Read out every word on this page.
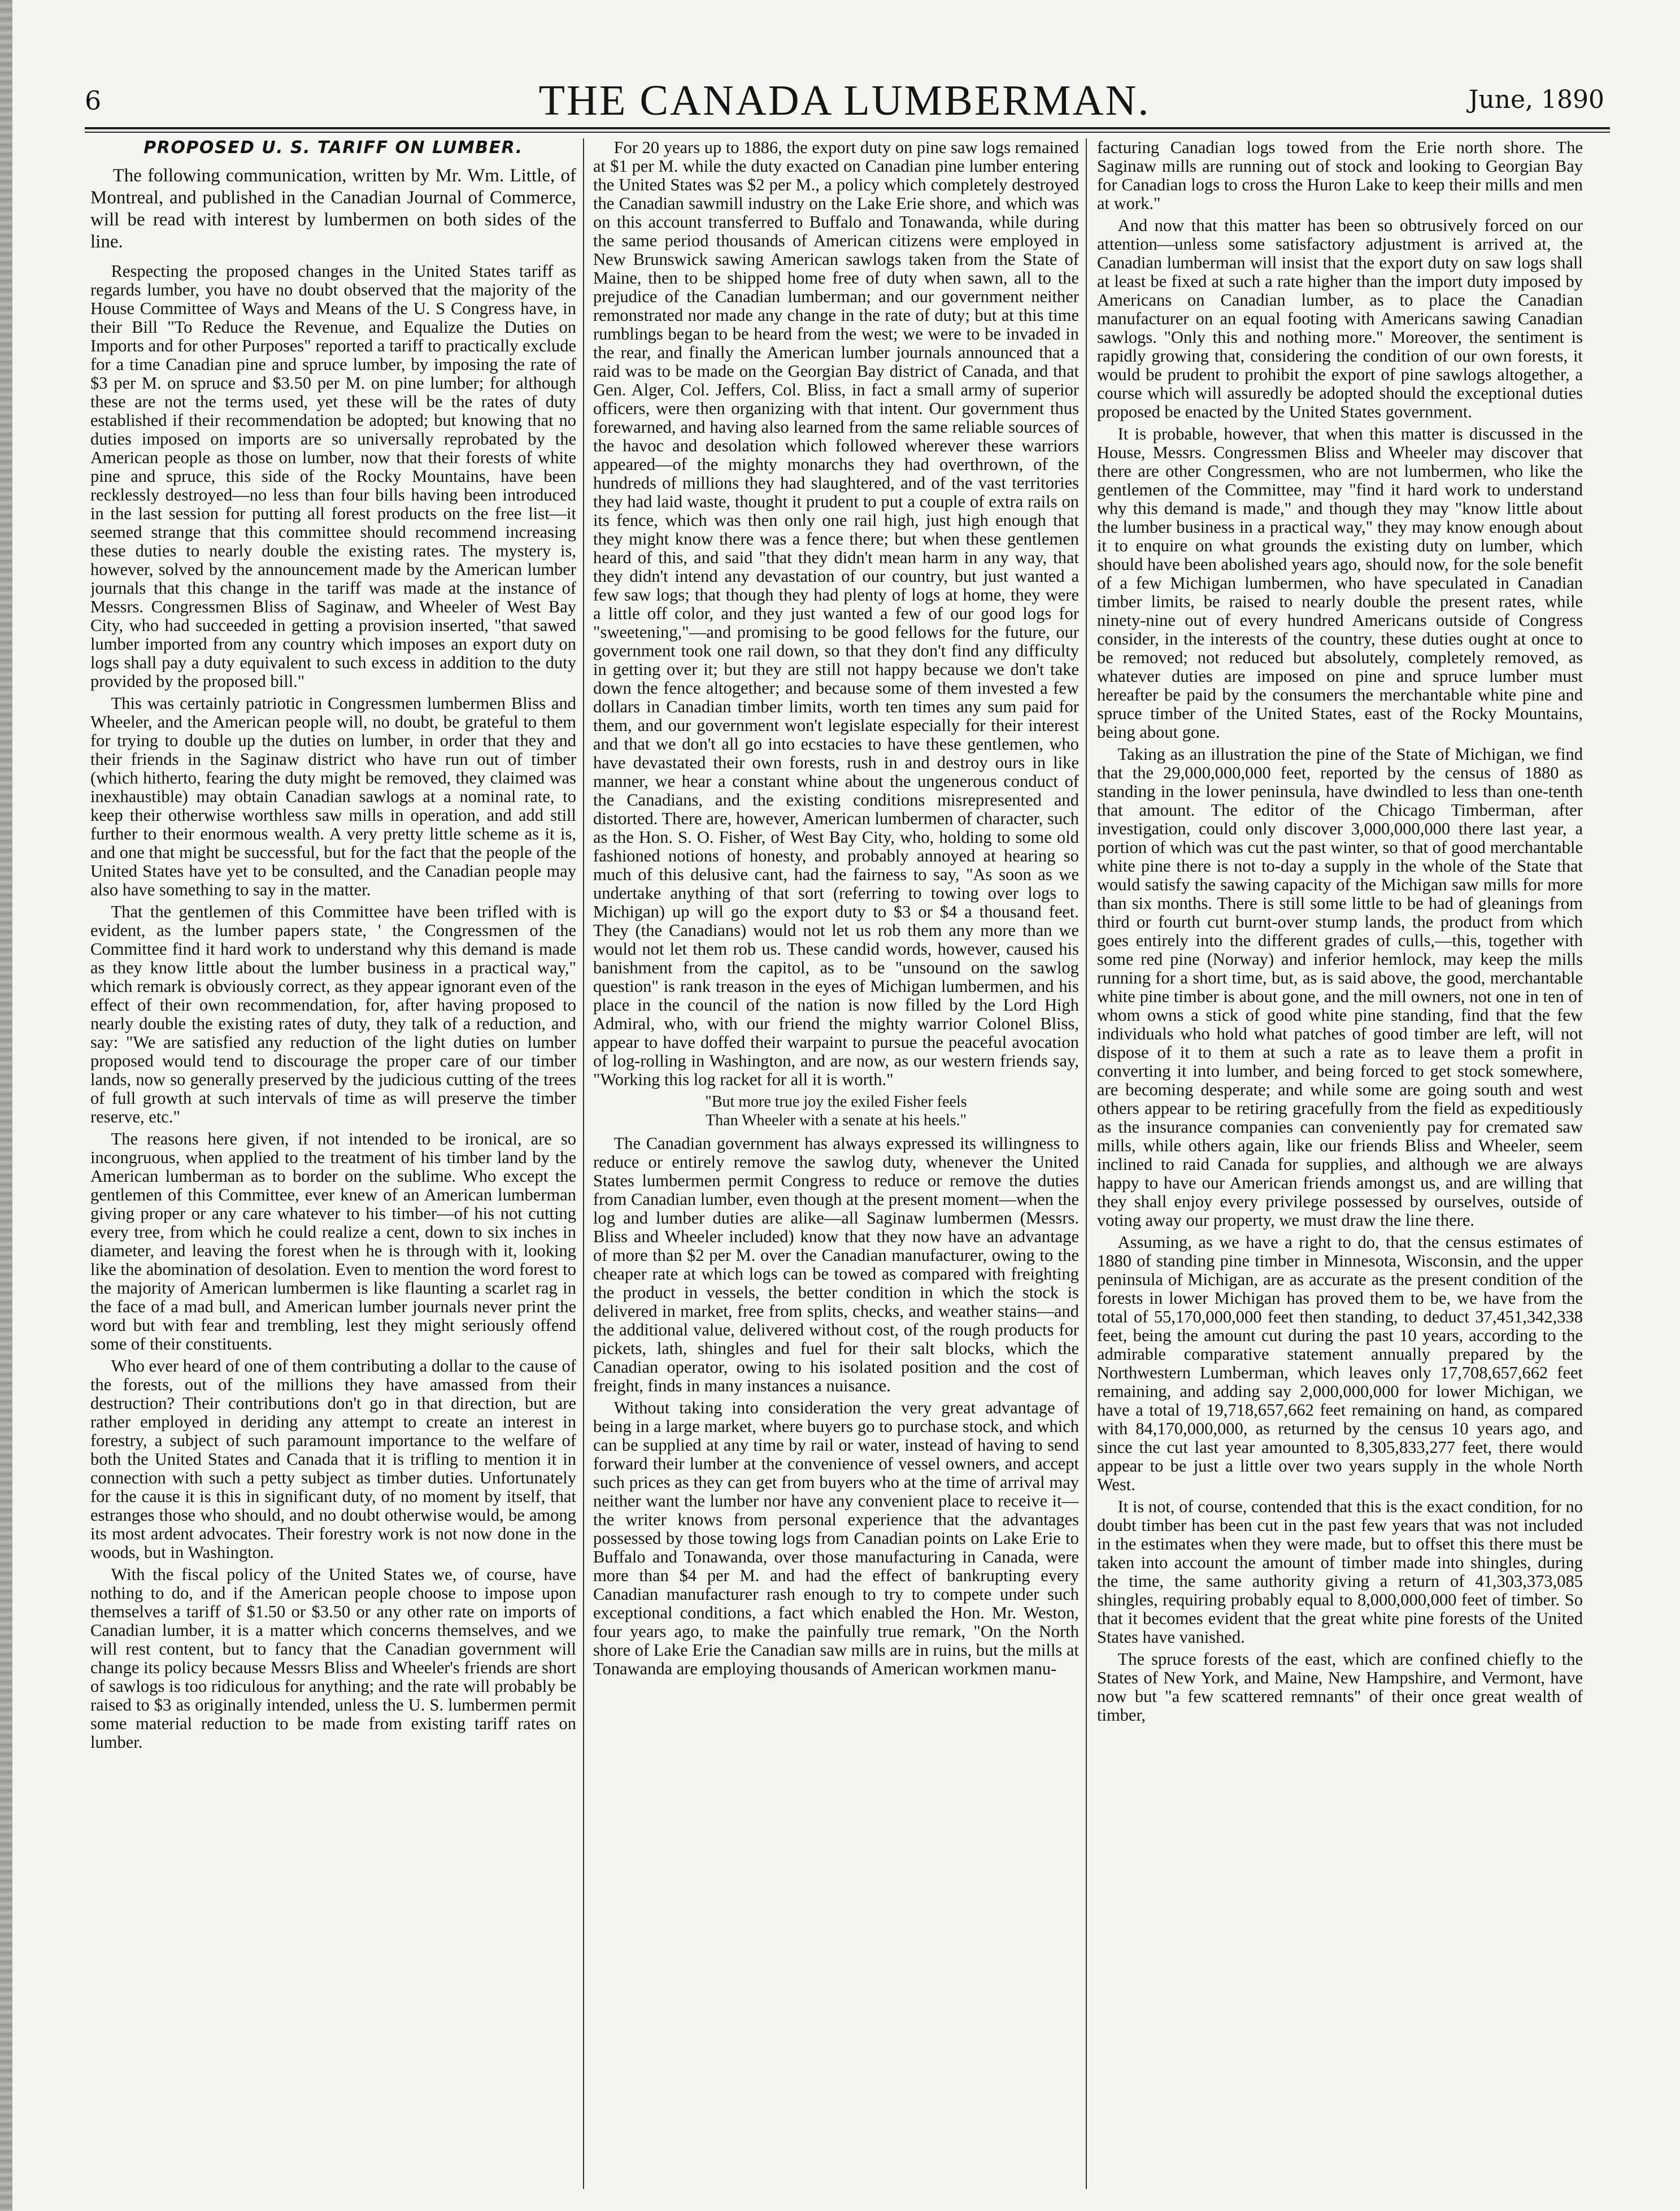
6	THE CANADA LUMBERMAN.	June, 1890
PROPOSED U. S. TARIFF ON LUMBER.

The following communication, written by Mr. Wm. Little, of Montreal, and published in the Canadian Journal of Commerce, will be read with interest by lumbermen on both sides of the line.

Respecting the proposed changes in the United States tariff as regards lumber, you have no doubt observed that the majority of the House Committee of Ways and Means of the U. S Congress have, in their Bill "To Reduce the Revenue, and Equalize the Duties on Imports and for other Purposes" reported a tariff to practically exclude for a time Canadian pine and spruce lumber, by imposing the rate of $3 per M. on spruce and $3.50 per M. on pine lumber; for although these are not the terms used, yet these will be the rates of duty established if their recommendation be adopted; but knowing that no duties imposed on imports are so universally reprobated by the American people as those on lumber, now that their forests of white pine and spruce, this side of the Rocky Mountains, have been recklessly destroyed—no less than four bills having been introduced in the last session for putting all forest products on the free list—it seemed strange that this committee should recommend increasing these duties to nearly double the existing rates. The mystery is, however, solved by the announcement made by the American lumber journals that this change in the tariff was made at the instance of Messrs. Congressmen Bliss of Saginaw, and Wheeler of West Bay City, who had succeeded in getting a provision inserted, "that sawed lumber imported from any country which imposes an export duty on logs shall pay a duty equivalent to such excess in addition to the duty provided by the proposed bill."

This was certainly patriotic in Congressmen lumbermen Bliss and Wheeler, and the American people will, no doubt, be grateful to them for trying to double up the duties on lumber, in order that they and their friends in the Saginaw district who have run out of timber (which hitherto, fearing the duty might be removed, they claimed was inexhaustible) may obtain Canadian sawlogs at a nominal rate, to keep their otherwise worthless saw mills in operation, and add still further to their enormous wealth. A very pretty little scheme as it is, and one that might be successful, but for the fact that the people of the United States have yet to be consulted, and the Canadian people may also have something to say in the matter.

That the gentlemen of this Committee have been trifled with is evident, as the lumber papers state, ' the Congressmen of the Committee find it hard work to understand why this demand is made as they know little about the lumber business in a practical way," which remark is obviously correct, as they appear ignorant even of the effect of their own recommendation, for, after having proposed to nearly double the existing rates of duty, they talk of a reduction, and say: "We are satisfied any reduction of the light duties on lumber proposed would tend to discourage the proper care of our timber lands, now so generally preserved by the judicious cutting of the trees of full growth at such intervals of time as will preserve the timber reserve, etc."

The reasons here given, if not intended to be ironical, are so incongruous, when applied to the treatment of his timber land by the American lumberman as to border on the sublime. Who except the gentlemen of this Committee, ever knew of an American lumberman giving proper or any care whatever to his timber—of his not cutting every tree, from which he could realize a cent, down to six inches in diameter, and leaving the forest when he is through with it, looking like the abomination of desolation. Even to mention the word forest to the majority of American lumbermen is like flaunting a scarlet rag in the face of a mad bull, and American lumber journals never print the word but with fear and trembling, lest they might seriously offend some of their constituents.

Who ever heard of one of them contributing a dollar to the cause of the forests, out of the millions they have amassed from their destruction? Their contributions don't go in that direction, but are rather employed in deriding any attempt to create an interest in forestry, a subject of such paramount importance to the welfare of both the United States and Canada that it is trifling to mention it in connection with such a petty subject as timber duties. Unfortunately for the cause it is this in significant duty, of no moment by itself, that estranges those who should, and no doubt otherwise would, be among its most ardent advocates. Their forestry work is not now done in the woods, but in Washington.

With the fiscal policy of the United States we, of course, have nothing to do, and if the American people choose to impose upon themselves a tariff of $1.50 or $3.50 or any other rate on imports of Canadian lumber, it is a matter which concerns themselves, and we will rest content, but to fancy that the Canadian government will change its policy because Messrs Bliss and Wheeler's friends are short of sawlogs is too ridiculous for anything; and the rate will probably be raised to $3 as originally intended, unless the U. S. lumbermen permit some material reduction to be made from existing tariff rates on lumber.

For 20 years up to 1886, the export duty on pine saw logs remained at $1 per M. while the duty exacted on Canadian pine lumber entering the United States was $2 per M., a policy which completely destroyed the Canadian sawmill industry on the Lake Erie shore, and which was on this account transferred to Buffalo and Tonawanda, while during the same period thousands of American citizens were employed in New Brunswick sawing American sawlogs taken from the State of Maine, then to be shipped home free of duty when sawn, all to the prejudice of the Canadian lumberman; and our government neither remonstrated nor made any change in the rate of duty; but at this time rumblings began to be heard from the west; we were to be invaded in the rear, and finally the American lumber journals announced that a raid was to be made on the Georgian Bay district of Canada, and that Gen. Alger, Col. Jeffers, Col. Bliss, in fact a small army of superior officers, were then organizing with that intent. Our government thus forewarned, and having also learned from the same reliable sources of the havoc and desolation which followed wherever these warriors appeared—of the mighty monarchs they had overthrown, of the hundreds of millions they had slaughtered, and of the vast territories they had laid waste, thought it prudent to put a couple of extra rails on its fence, which was then only one rail high, just high enough that they might know there was a fence there; but when these gentlemen heard of this, and said "that they didn't mean harm in any way, that they didn't intend any devastation of our country, but just wanted a few saw logs; that though they had plenty of logs at home, they were a little off color, and they just wanted a few of our good logs for "sweetening,"—and promising to be good fellows for the future, our government took one rail down, so that they don't find any difficulty in getting over it; but they are still not happy because we don't take down the fence altogether; and because some of them invested a few dollars in Canadian timber limits, worth ten times any sum paid for them, and our government won't legislate especially for their interest and that we don't all go into ecstacies to have these gentlemen, who have devastated their own forests, rush in and destroy ours in like manner, we hear a constant whine about the ungenerous conduct of the Canadians, and the existing conditions misrepresented and distorted. There are, however, American lumbermen of character, such as the Hon. S. O. Fisher, of West Bay City, who, holding to some old fashioned notions of honesty, and probably annoyed at hearing so much of this delusive cant, had the fairness to say, "As soon as we undertake anything of that sort (referring to towing over logs to Michigan) up will go the export duty to $3 or $4 a thousand feet. They (the Canadians) would not let us rob them any more than we would not let them rob us. These candid words, however, caused his banishment from the capitol, as to be "unsound on the sawlog question" is rank treason in the eyes of Michigan lumbermen, and his place in the council of the nation is now filled by the Lord High Admiral, who, with our friend the mighty warrior Colonel Bliss, appear to have doffed their warpaint to pursue the peaceful avocation of log-rolling in Washington, and are now, as our western friends say, "Working this log racket for all it is worth."

"But more true joy the exiled Fisher feels
Than Wheeler with a senate at his heels."

The Canadian government has always expressed its willingness to reduce or entirely remove the sawlog duty, whenever the United States lumbermen permit Congress to reduce or remove the duties from Canadian lumber, even though at the present moment—when the log and lumber duties are alike—all Saginaw lumbermen (Messrs. Bliss and Wheeler included) know that they now have an advantage of more than $2 per M. over the Canadian manufacturer, owing to the cheaper rate at which logs can be towed as compared with freighting the product in vessels, the better condition in which the stock is delivered in market, free from splits, checks, and weather stains—and the additional value, delivered without cost, of the rough products for pickets, lath, shingles and fuel for their salt blocks, which the Canadian operator, owing to his isolated position and the cost of freight, finds in many instances a nuisance.

Without taking into consideration the very great advantage of being in a large market, where buyers go to purchase stock, and which can be supplied at any time by rail or water, instead of having to send forward their lumber at the convenience of vessel owners, and accept such prices as they can get from buyers who at the time of arrival may neither want the lumber nor have any convenient place to receive it—the writer knows from personal experience that the advantages possessed by those towing logs from Canadian points on Lake Erie to Buffalo and Tonawanda, over those manufacturing in Canada, were more than $4 per M. and had the effect of bankrupting every Canadian manufacturer rash enough to try to compete under such exceptional conditions, a fact which enabled the Hon. Mr. Weston, four years ago, to make the painfully true remark, "On the North shore of Lake Erie the Canadian saw mills are in ruins, but the mills at Tonawanda are employing thousands of American workmen manu-

facturing Canadian logs towed from the Erie north shore. The Saginaw mills are running out of stock and looking to Georgian Bay for Canadian logs to cross the Huron Lake to keep their mills and men at work."

And now that this matter has been so obtrusively forced on our attention—unless some satisfactory adjustment is arrived at, the Canadian lumberman will insist that the export duty on saw logs shall at least be fixed at such a rate higher than the import duty imposed by Americans on Canadian lumber, as to place the Canadian manufacturer on an equal footing with Americans sawing Canadian sawlogs. "Only this and nothing more." Moreover, the sentiment is rapidly growing that, considering the condition of our own forests, it would be prudent to prohibit the export of pine sawlogs altogether, a course which will assuredly be adopted should the exceptional duties proposed be enacted by the United States government.

It is probable, however, that when this matter is discussed in the House, Messrs. Congressmen Bliss and Wheeler may discover that there are other Congressmen, who are not lumbermen, who like the gentlemen of the Committee, may "find it hard work to understand why this demand is made," and though they may "know little about the lumber business in a practical way," they may know enough about it to enquire on what grounds the existing duty on lumber, which should have been abolished years ago, should now, for the sole benefit of a few Michigan lumbermen, who have speculated in Canadian timber limits, be raised to nearly double the present rates, while ninety-nine out of every hundred Americans outside of Congress consider, in the interests of the country, these duties ought at once to be removed; not reduced but absolutely, completely removed, as whatever duties are imposed on pine and spruce lumber must hereafter be paid by the consumers the merchantable white pine and spruce timber of the United States, east of the Rocky Mountains, being about gone.

Taking as an illustration the pine of the State of Michigan, we find that the 29,000,000,000 feet, reported by the census of 1880 as standing in the lower peninsula, have dwindled to less than one-tenth that amount. The editor of the Chicago Timberman, after investigation, could only discover 3,000,000,000 there last year, a portion of which was cut the past winter, so that of good merchantable white pine there is not to-day a supply in the whole of the State that would satisfy the sawing capacity of the Michigan saw mills for more than six months. There is still some little to be had of gleanings from third or fourth cut burnt-over stump lands, the product from which goes entirely into the different grades of culls,—this, together with some red pine (Norway) and inferior hemlock, may keep the mills running for a short time, but, as is said above, the good, merchantable white pine timber is about gone, and the mill owners, not one in ten of whom owns a stick of good white pine standing, find that the few individuals who hold what patches of good timber are left, will not dispose of it to them at such a rate as to leave them a profit in converting it into lumber, and being forced to get stock somewhere, are becoming desperate; and while some are going south and west others appear to be retiring gracefully from the field as expeditiously as the insurance companies can conveniently pay for cremated saw mills, while others again, like our friends Bliss and Wheeler, seem inclined to raid Canada for supplies, and although we are always happy to have our American friends amongst us, and are willing that they shall enjoy every privilege possessed by ourselves, outside of voting away our property, we must draw the line there.

Assuming, as we have a right to do, that the census estimates of 1880 of standing pine timber in Minnesota, Wisconsin, and the upper peninsula of Michigan, are as accurate as the present condition of the forests in lower Michigan has proved them to be, we have from the total of 55,170,000,000 feet then standing, to deduct 37,451,342,338 feet, being the amount cut during the past 10 years, according to the admirable comparative statement annually prepared by the Northwestern Lumberman, which leaves only 17,708,657,662 feet remaining, and adding say 2,000,000,000 for lower Michigan, we have a total of 19,718,657,662 feet remaining on hand, as compared with 84,170,000,000, as returned by the census 10 years ago, and since the cut last year amounted to 8,305,833,277 feet, there would appear to be just a little over two years supply in the whole North West.

It is not, of course, contended that this is the exact condition, for no doubt timber has been cut in the past few years that was not included in the estimates when they were made, but to offset this there must be taken into account the amount of timber made into shingles, during the time, the same authority giving a return of 41,303,373,085 shingles, requiring probably equal to 8,000,000,000 feet of timber. So that it becomes evident that the great white pine forests of the United States have vanished.

The spruce forests of the east, which are confined chiefly to the States of New York, and Maine, New Hampshire, and Vermont, have now but "a few scattered remnants" of their once great wealth of timber,
